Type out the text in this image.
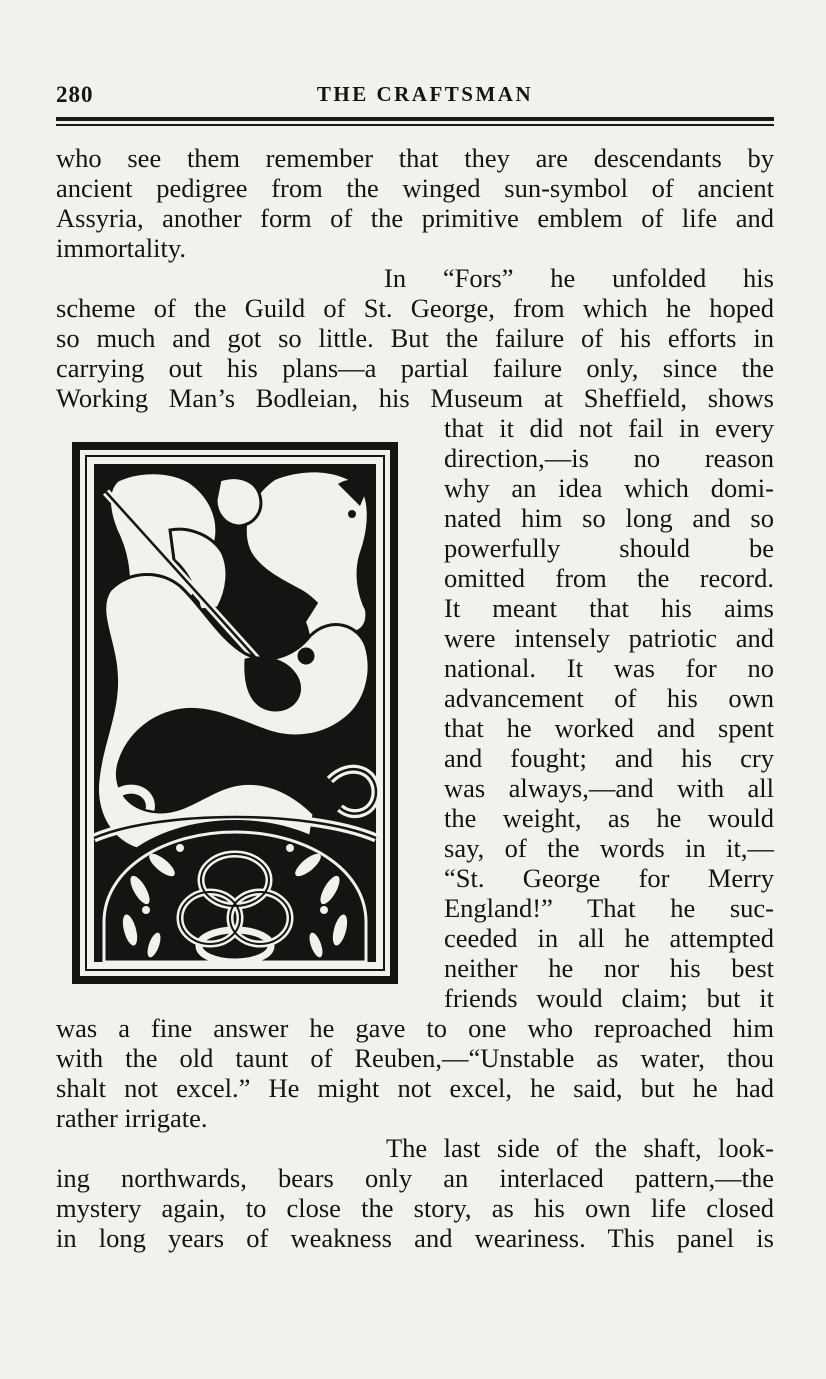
280	THE CRAFTSMAN
who see them remember that they are descendants by
ancient pedigree from the winged sun-symbol of ancient
Assyria, another form of the primitive emblem of life and
immortality.
In “Fors” he unfolded his
scheme of the Guild of St. George, from which he hoped
so much and got so little. But the failure of his efforts in
carrying out his plans—a partial failure only, since the
Working Man’s Bodleian, his Museum at Sheffield, shows
that it did not fail in every
direction,—is no reason
why an idea which domi-
nated him so long and so
powerfully should be
omitted from the record.
It meant that his aims
were intensely patriotic and
national. It was for no
advancement of his own
that he worked and spent
and fought; and his cry
was always,—and with all
the weight, as he would
say, of the words in it,—
“St. George for Merry
England!” That he suc-
ceeded in all he attempted
neither he nor his best
friends would claim; but it
was a fine answer he gave to one who reproached him
with the old taunt of Reuben,—“Unstable as water, thou
shalt not excel.” He might not excel, he said, but he had
rather irrigate.
The last side of the shaft, look-
ing northwards, bears only an interlaced pattern,—the
mystery again, to close the story, as his own life closed
in long years of weakness and weariness. This panel is
